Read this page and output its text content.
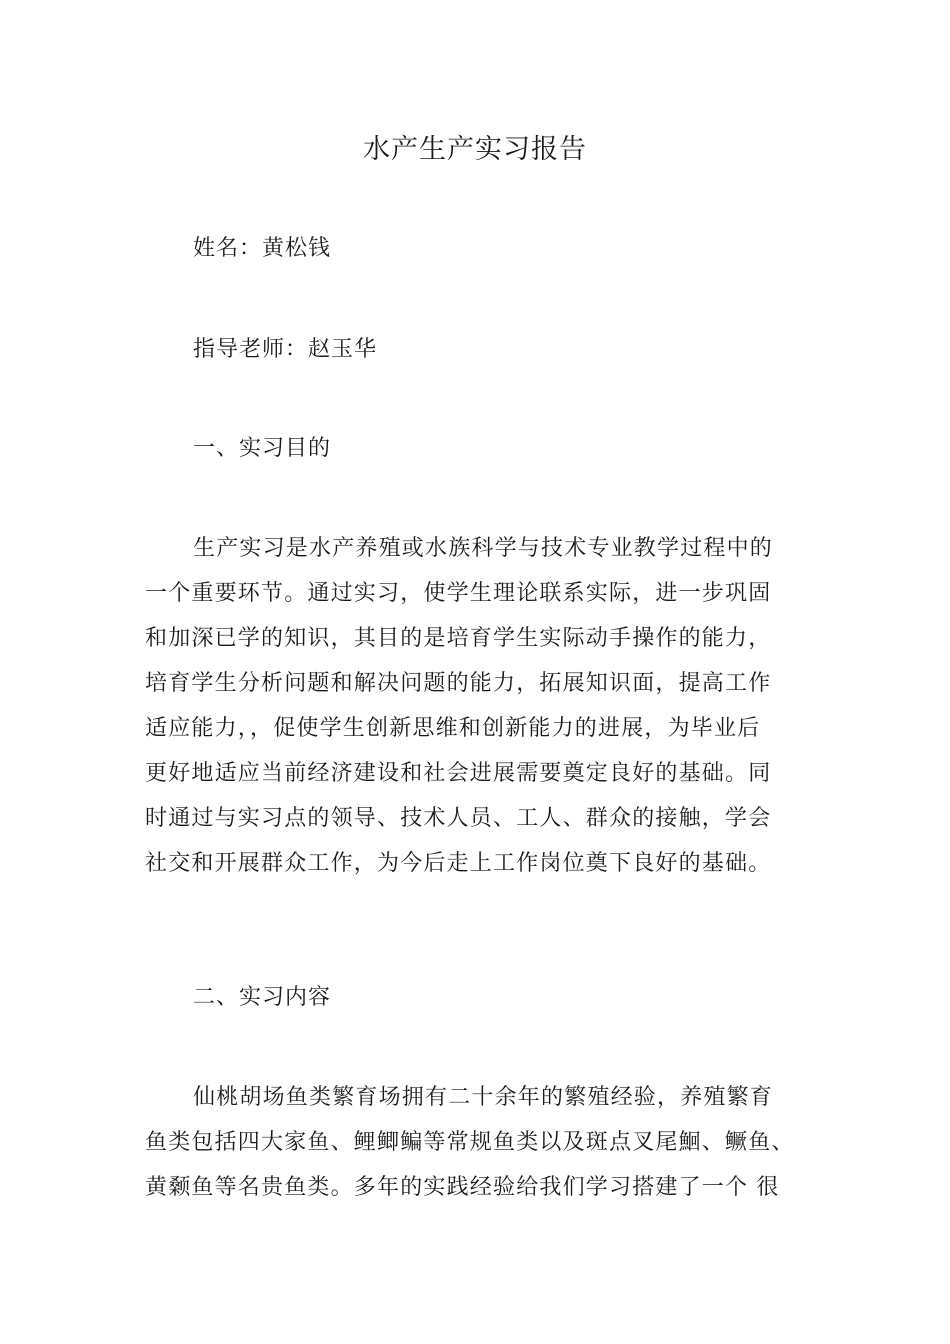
水产生产实习报告
姓名：黄松钱
指导老师：赵玉华
一、实习目的
生产实习是水产养殖或水族科学与技术专业教学过程中的
一个重要环节。通过实习，使学生理论联系实际，进一步巩固
和加深已学的知识，其目的是培育学生实际动手操作的能力，
培育学生分析问题和解决问题的能力，拓展知识面，提高工作
适应能力，，促使学生创新思维和创新能力的进展，为毕业后
更好地适应当前经济建设和社会进展需要奠定良好的基础。同
时通过与实习点的领导、技术人员、工人、群众的接触，学会
社交和开展群众工作，为今后走上工作岗位奠下良好的基础。
二、实习内容
仙桃胡场鱼类繁育场拥有二十余年的繁殖经验，养殖繁育
鱼类包括四大家鱼、鲤鲫鳊等常规鱼类以及斑点叉尾鮰、鳜鱼、
黄颡鱼等名贵鱼类。多年的实践经验给我们学习搭建了一个 很
